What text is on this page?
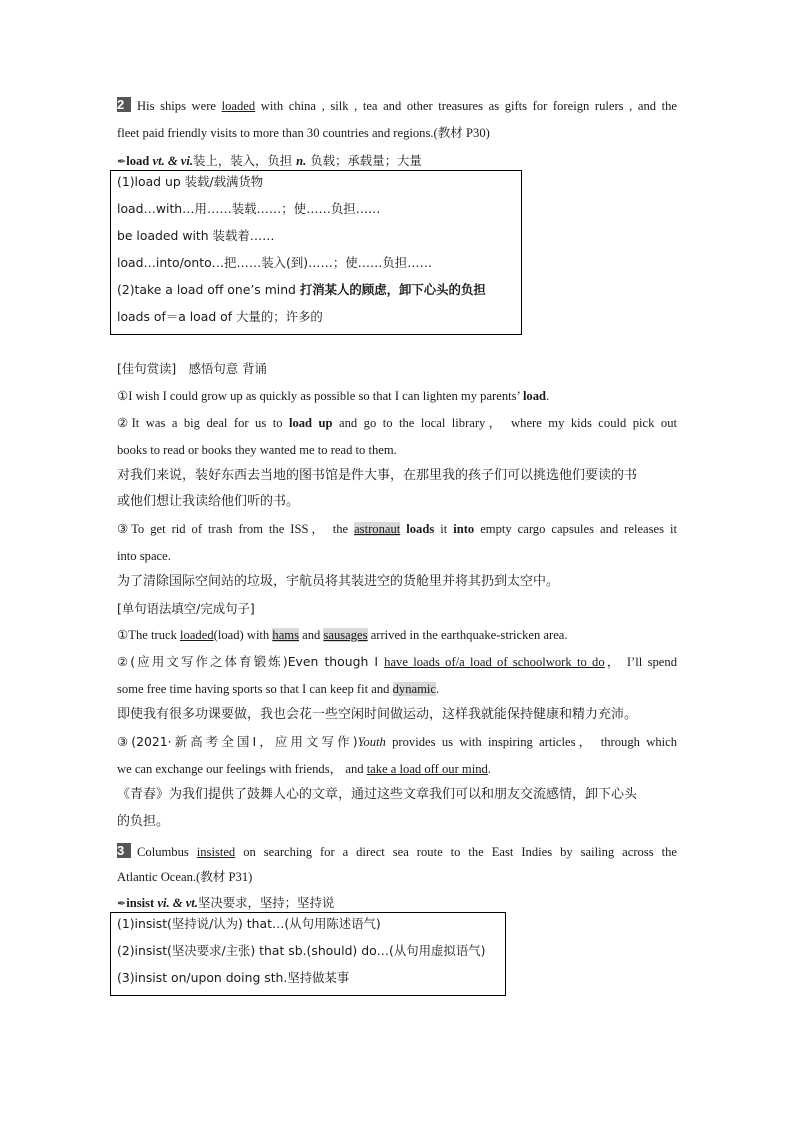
2 His ships were loaded with china , silk , tea and other treasures as gifts for foreign rulers , and the
fleet paid friendly visits to more than 30 countries and regions.(教材 P30)
✒load vt. & vi.装上，装入，负担 n. 负载；承载量；大量
(1)load up 装载/载满货物
load…with…用……装载……；使……负担……
be loaded with 装载着……
load…into/onto…把……装入(到)……；使……负担……
(2)take a load off one’s mind 打消某人的顾虑，卸下心头的负担
loads of＝a load of 大量的；许多的
[佳句赏读]　感悟句意 背诵
①I wish I could grow up as quickly as possible so that I can lighten my parents’ load.
②It was a big deal for us to load up and go to the local library， where my kids could pick out
books to read or books they wanted me to read to them.
对我们来说，装好东西去当地的图书馆是件大事，在那里我的孩子们可以挑选他们要读的书
或他们想让我读给他们听的书。
③To get rid of trash from the ISS， the astronaut loads it into empty cargo capsules and releases it
into space.
为了清除国际空间站的垃圾，宇航员将其装进空的货舱里并将其扔到太空中。
[单句语法填空/完成句子]
①The truck loaded(load) with hams and sausages arrived in the earthquake-stricken area.
②(应用文写作之体育锻炼)Even though I have loads of/a load of schoolwork to do， I’ll spend
some free time having sports so that I can keep fit and dynamic.
即使我有很多功课要做，我也会花一些空闲时间做运动，这样我就能保持健康和精力充沛。
③(2021·新高考全国Ⅰ，应用文写作)Youth provides us with inspiring articles， through which
we can exchange our feelings with friends， and take a load off our mind.
《青春》为我们提供了鼓舞人心的文章，通过这些文章我们可以和朋友交流感情，卸下心头
的负担。
3 Columbus insisted on searching for a direct sea route to the East Indies by sailing across the
Atlantic Ocean.(教材 P31)
✒insist vi. & vt.坚决要求，坚持；坚持说
(1)insist(坚持说/认为) that…(从句用陈述语气)
(2)insist(坚决要求/主张) that sb.(should) do…(从句用虚拟语气)
(3)insist on/upon doing sth.坚持做某事
